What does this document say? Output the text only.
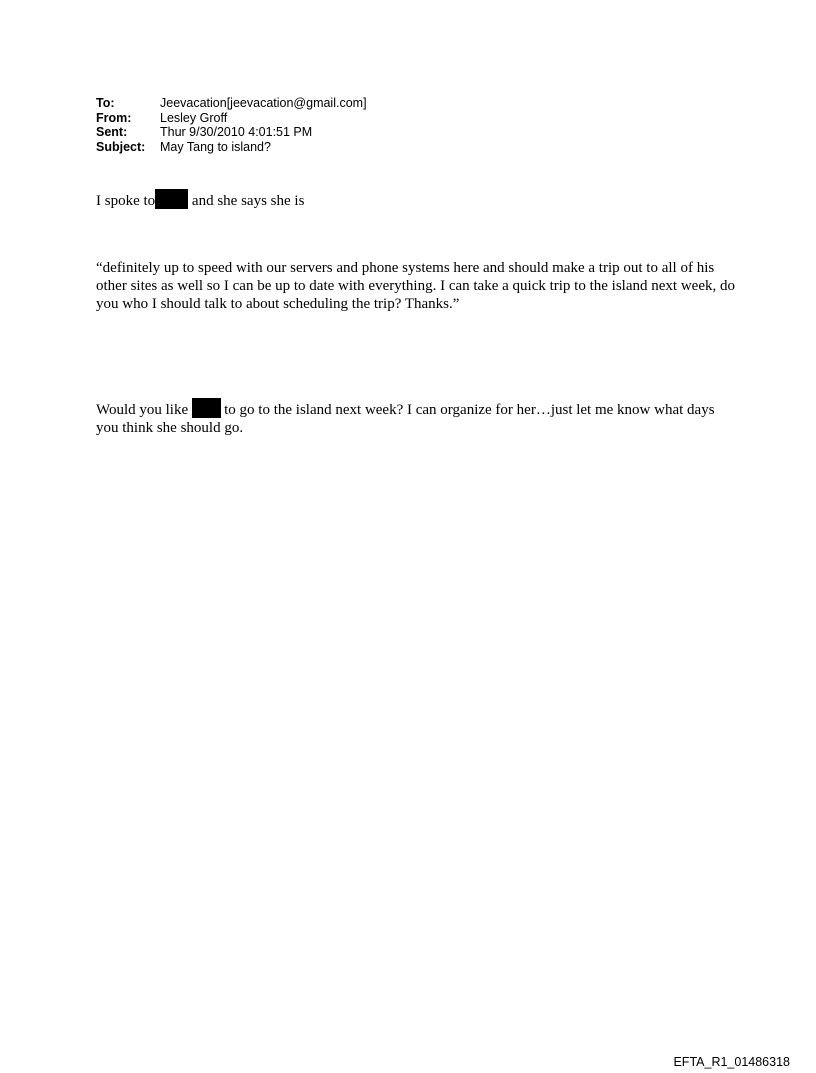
To:	Jeevacation[jeevacation@gmail.com]
From:	Lesley Groff
Sent:	Thur 9/30/2010 4:01:51 PM
Subject:	May Tang to island?
I spoke to and she says she is
“definitely up to speed with our servers and phone systems here and should make a trip out to all of his other sites as well so I can be up to date with everything. I can take a quick trip to the island next week, do you who I should talk to about scheduling the trip? Thanks.”
Would you like to go to the island next week? I can organize for her…just let me know what days you think she should go.
EFTA_R1_01486318
